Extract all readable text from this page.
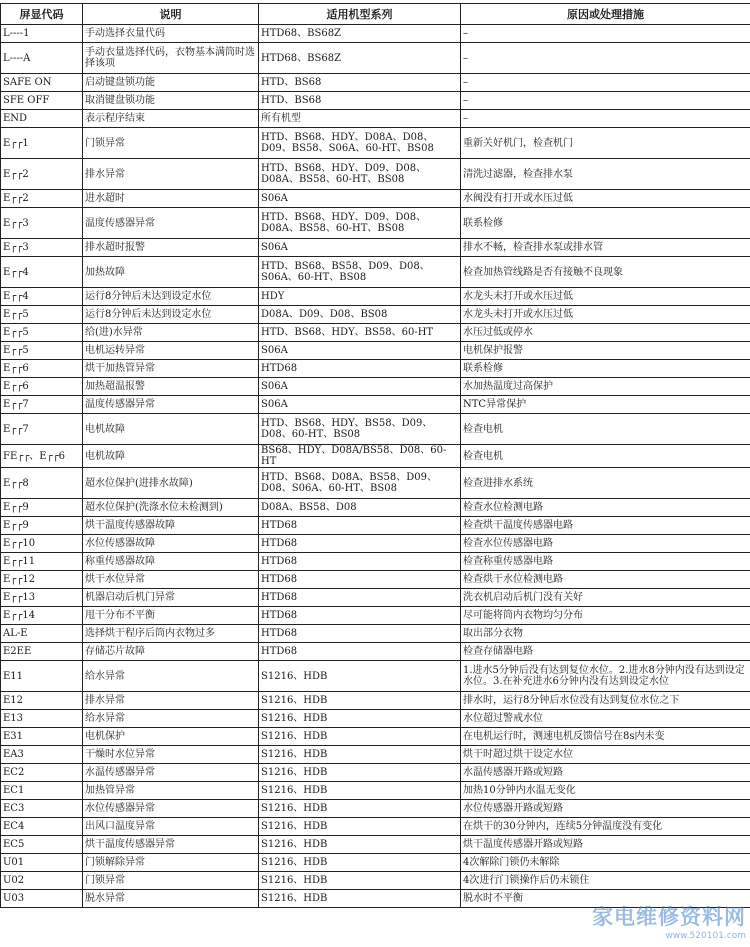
屏显代码	说明	适用机型系列	原因或处理措施
L----1	手动选择衣量代码	HTD68、BS68Z	–
L----A	手动衣量选择代码，衣物基本满筒时选择该项	HTD68、BS68Z	–
SAFE ON	启动键盘锁功能	HTD、BS68	–
SFE OFF	取消键盘锁功能	HTD、BS68	–
END	表示程序结束	所有机型	–
E┌┌1	门锁异常	HTD、BS68、HDY、D08A、D08、D09、BS58、S06A、60-HT、BS08	重新关好机门，检查机门
E┌┌2	排水异常	HTD、BS68、HDY、D09、D08、D08A、BS58、60-HT、BS08	清洗过滤器，检查排水泵
E┌┌2	进水超时	S06A	水阀没有打开或水压过低
E┌┌3	温度传感器异常	HTD、BS68、HDY、D09、D08、D08A、BS58、60-HT、BS08	联系检修
E┌┌3	排水超时报警	S06A	排水不畅，检查排水泵或排水管
E┌┌4	加热故障	HTD、BS68、BS58、D09、D08、S06A、60-HT、BS08	检查加热管线路是否有接触不良现象
E┌┌4	运行8分钟后未达到设定水位	HDY	水龙头未打开或水压过低
E┌┌5	运行8分钟后未达到设定水位	D08A、D09、D08、BS08	水龙头未打开或水压过低
E┌┌5	给(进)水异常	HTD、BS68、HDY、BS58、60-HT	水压过低或停水
E┌┌5	电机运转异常	S06A	电机保护报警
E┌┌6	烘干加热管异常	HTD68	联系检修
E┌┌6	加热超温报警	S06A	水加热温度过高保护
E┌┌7	温度传感器异常	S06A	NTC异常保护
E┌┌7	电机故障	HTD、BS68、HDY、BS58、D09、D08、60-HT、BS08	检查电机
FE┌┌、E┌┌6	电机故障	BS68、HDY、D08A/BS58、D08、60-HT	检查电机
E┌┌8	超水位保护(进排水故障)	HTD、BS68、D08A、BS58、D09、D08、S06A、60-HT、BS08	检查进排水系统
E┌┌9	超水位保护(洗涤水位未检测到)	D08A、BS58、D08	检查水位检测电路
E┌┌9	烘干温度传感器故障	HTD68	检查烘干温度传感器电路
E┌┌10	水位传感器故障	HTD68	检查水位传感器电路
E┌┌11	称重传感器故障	HTD68	检查称重传感器电路
E┌┌12	烘干水位异常	HTD68	检查烘干水位检测电路
E┌┌13	机器启动后机门异常	HTD68	洗衣机启动后机门没有关好
E┌┌14	甩干分布不平衡	HTD68	尽可能将筒内衣物均匀分布
AL-E	选择烘干程序后筒内衣物过多	HTD68	取出部分衣物
E2EE	存储芯片故障	HTD68	检查存储器电路
E11	给水异常	S1216、HDB	1.进水5分钟后没有达到复位水位。2.进水8分钟内没有达到设定水位。3.在补充进水6分钟内没有达到设定水位
E12	排水异常	S1216、HDB	排水时，运行8分钟后水位没有达到复位水位之下
E13	给水异常	S1216、HDB	水位超过警戒水位
E31	电机保护	S1216、HDB	在电机运行时，测速电机反馈信号在8s内未变
EA3	干燥时水位异常	S1216、HDB	烘干时超过烘干设定水位
EC2	水温传感器异常	S1216、HDB	水温传感器开路或短路
EC1	加热管异常	S1216、HDB	加热10分钟内水温无变化
EC3	水位传感器异常	S1216、HDB	水位传感器开路或短路
EC4	出风口温度异常	S1216、HDB	在烘干的30分钟内，连续5分钟温度没有变化
EC5	烘干温度传感器异常	S1216、HDB	烘干温度传感器开路或短路
U01	门锁解除异常	S1216、HDB	4次解除门锁仍未解除
U02	门锁异常	S1216、HDB	4次进行门锁操作后仍未锁住
U03	脱水异常	S1216、HDB	脱水时不平衡
家电维修资料网
www.520101.com
